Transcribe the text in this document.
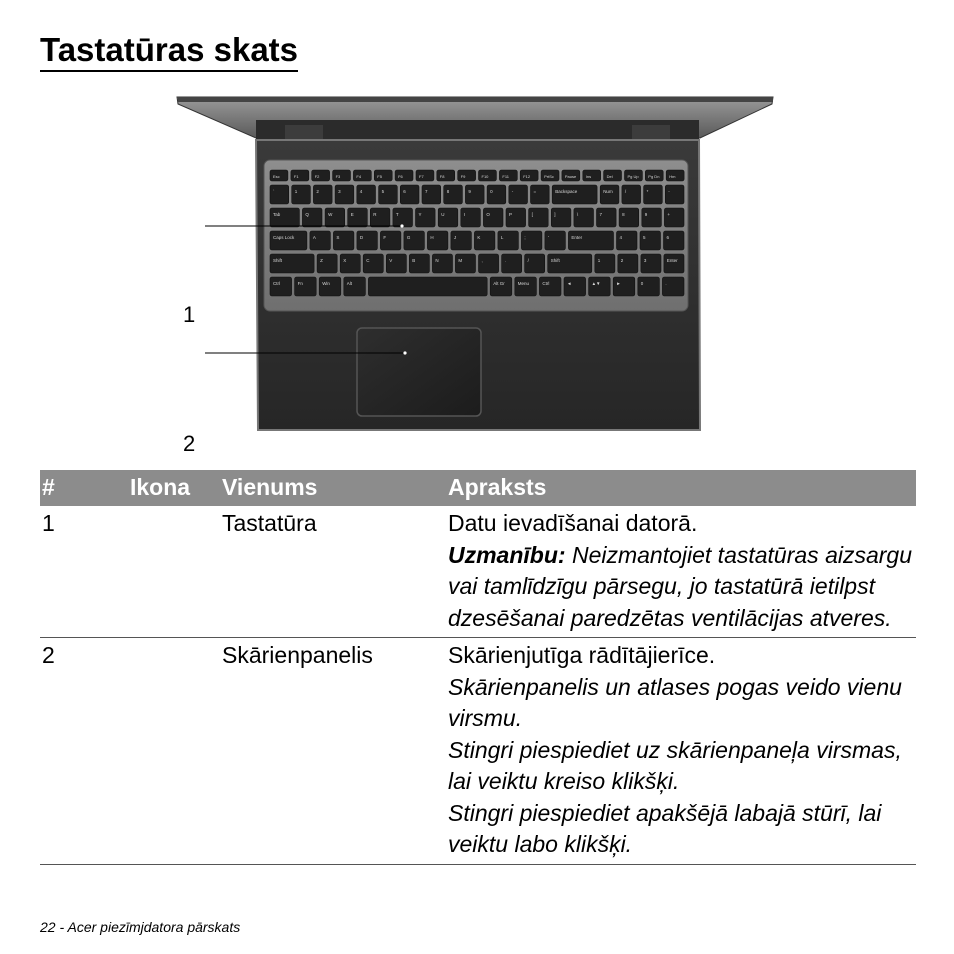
Tastatūras skats
Esc	F1	F2	F3	F4	F5	F6	F7	F8	F9	F10	F11	F12	PrtSc	Pause Ins	Del	Pg Up Pg Dn Hm
`	1	2	3	4	5	6	7	8	9	0	-	=	Backspace	Num	/	*	-
Tab	Q	W	E	R	T	Y	U	I	O	P	[	]	\	7	8	9	+
Caps Lock	A	S	D	F	G	H	J	K	L	;	'	Enter	4	5	6
Shift	Z	X	C	V	B	N	M	,	.	/	Shift	1	2	3	Enter
Ctrl	Fn	Win	Alt	Alt Gr	Menu	Ctrl	◄	▲▼	►	0	.
1
2
#	Ikona	Vienums	Apraksts
1		Tastatūra	Datu ievadīšanai datorā.

Uzmanību: Neizmantojiet tastatūras aizsargu vai tamlīdzīgu pārsegu, jo tastatūrā ietilpst dzesēšanai paredzētas ventilācijas atveres.

2		Skārienpanelis	Skārienjutīga rādītājierīce.

Skārienpanelis un atlases pogas veido vienu virsmu.

Stingri piespiediet uz skārienpaneļa virsmas, lai veiktu kreiso klikšķi.

Stingri piespiediet apakšējā labajā stūrī, lai veiktu labo klikšķi.

22 - Acer piezīmjdatora pārskats
